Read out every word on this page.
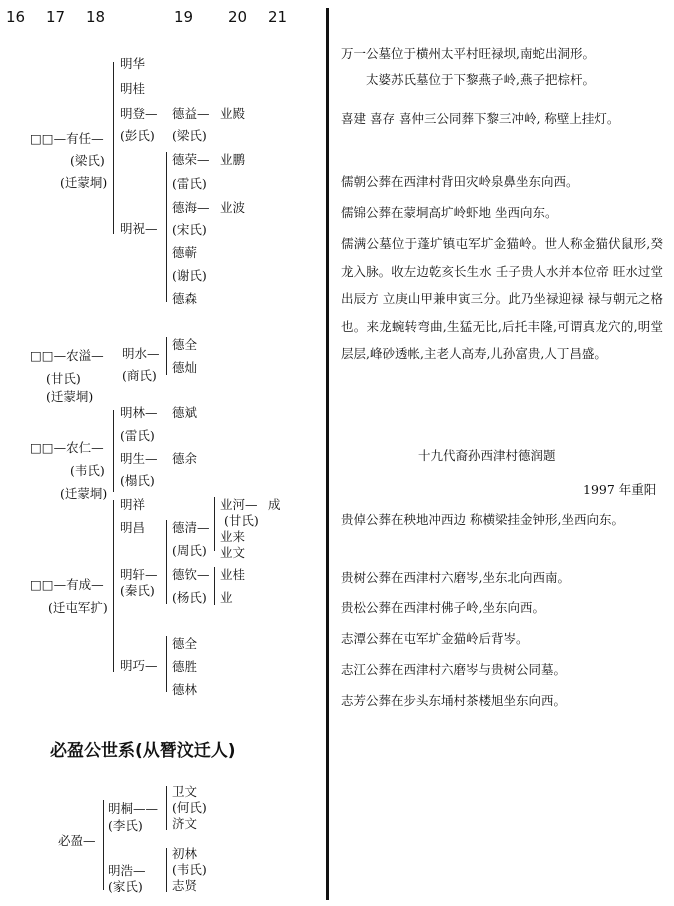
16 17 18	19 20 21
□□—有任—
(梁氏)
(迁蒙垌)
明华
明桂
明登—
(彭氏)
明祝—
德益—
(梁氏)
德荣—
(雷氏)
德海—
(宋氏)
德蕲
(谢氏)
德森
业殿
业鹏
业波
□□—农溢—
(甘氏)
(迁蒙垌)
明水—
(商氏)
德全
德灿
□□—农仁—
(韦氏)
(迁蒙垌)
明林—
(雷氏)
明生—
(榻氏)
德斌
德余
□□—有成—
(迁屯军扩)
明祥
明昌
明轩—
(秦氏)
明巧—
德清—
(周氏)
德钦—
(杨氏)
德全
德胜
德林
业河—
(甘氏)
业来
业文
业桂
业
成
必盈公世系(从朁汶迁人)
必盈—
明桐——
(李氏)
明浩—
(家氏)
卫文
(何氏)
济文
初林
(韦氏)
志贤
万一公墓位于横州太平村旺禄坝,南蛇出洞形。
太婆苏氏墓位于下黎燕子岭,燕子把棕杆。
喜建 喜存 喜仲三公同葬下黎三冲岭, 称壁上挂灯。
儒朝公葬在西津村背田灾岭泉鼻坐东向西。
儒锦公葬在蒙垌高圹岭虾地 坐西向东。
儒满公墓位于蓬圹镇屯军圹金猫岭。世人称金猫伏鼠形,癸龙入脉。收左边乾亥长生水 壬子贵人水并本位帝 旺水过堂出辰方 立庚山甲兼申寅三分。此乃坐禄迎禄 禄与朝元之格也。来龙蜿转弯曲,生猛无比,后托丰隆,可谓真龙穴的,明堂层层,峰砂透帐,主老人高寿,儿孙富贵,人丁昌盛。
十九代裔孙西津村德润题
1997 年重阳
贵倬公葬在秧地冲西边 称横梁挂金钟形,坐西向东。
贵树公葬在西津村六磨岑,坐东北向西南。
贵松公葬在西津村佛子岭,坐东向西。
志潭公葬在屯军圹金猫岭后背岑。
志江公葬在西津村六磨岑与贵树公同墓。
志芳公葬在步头东埇村茶楼旭坐东向西。
